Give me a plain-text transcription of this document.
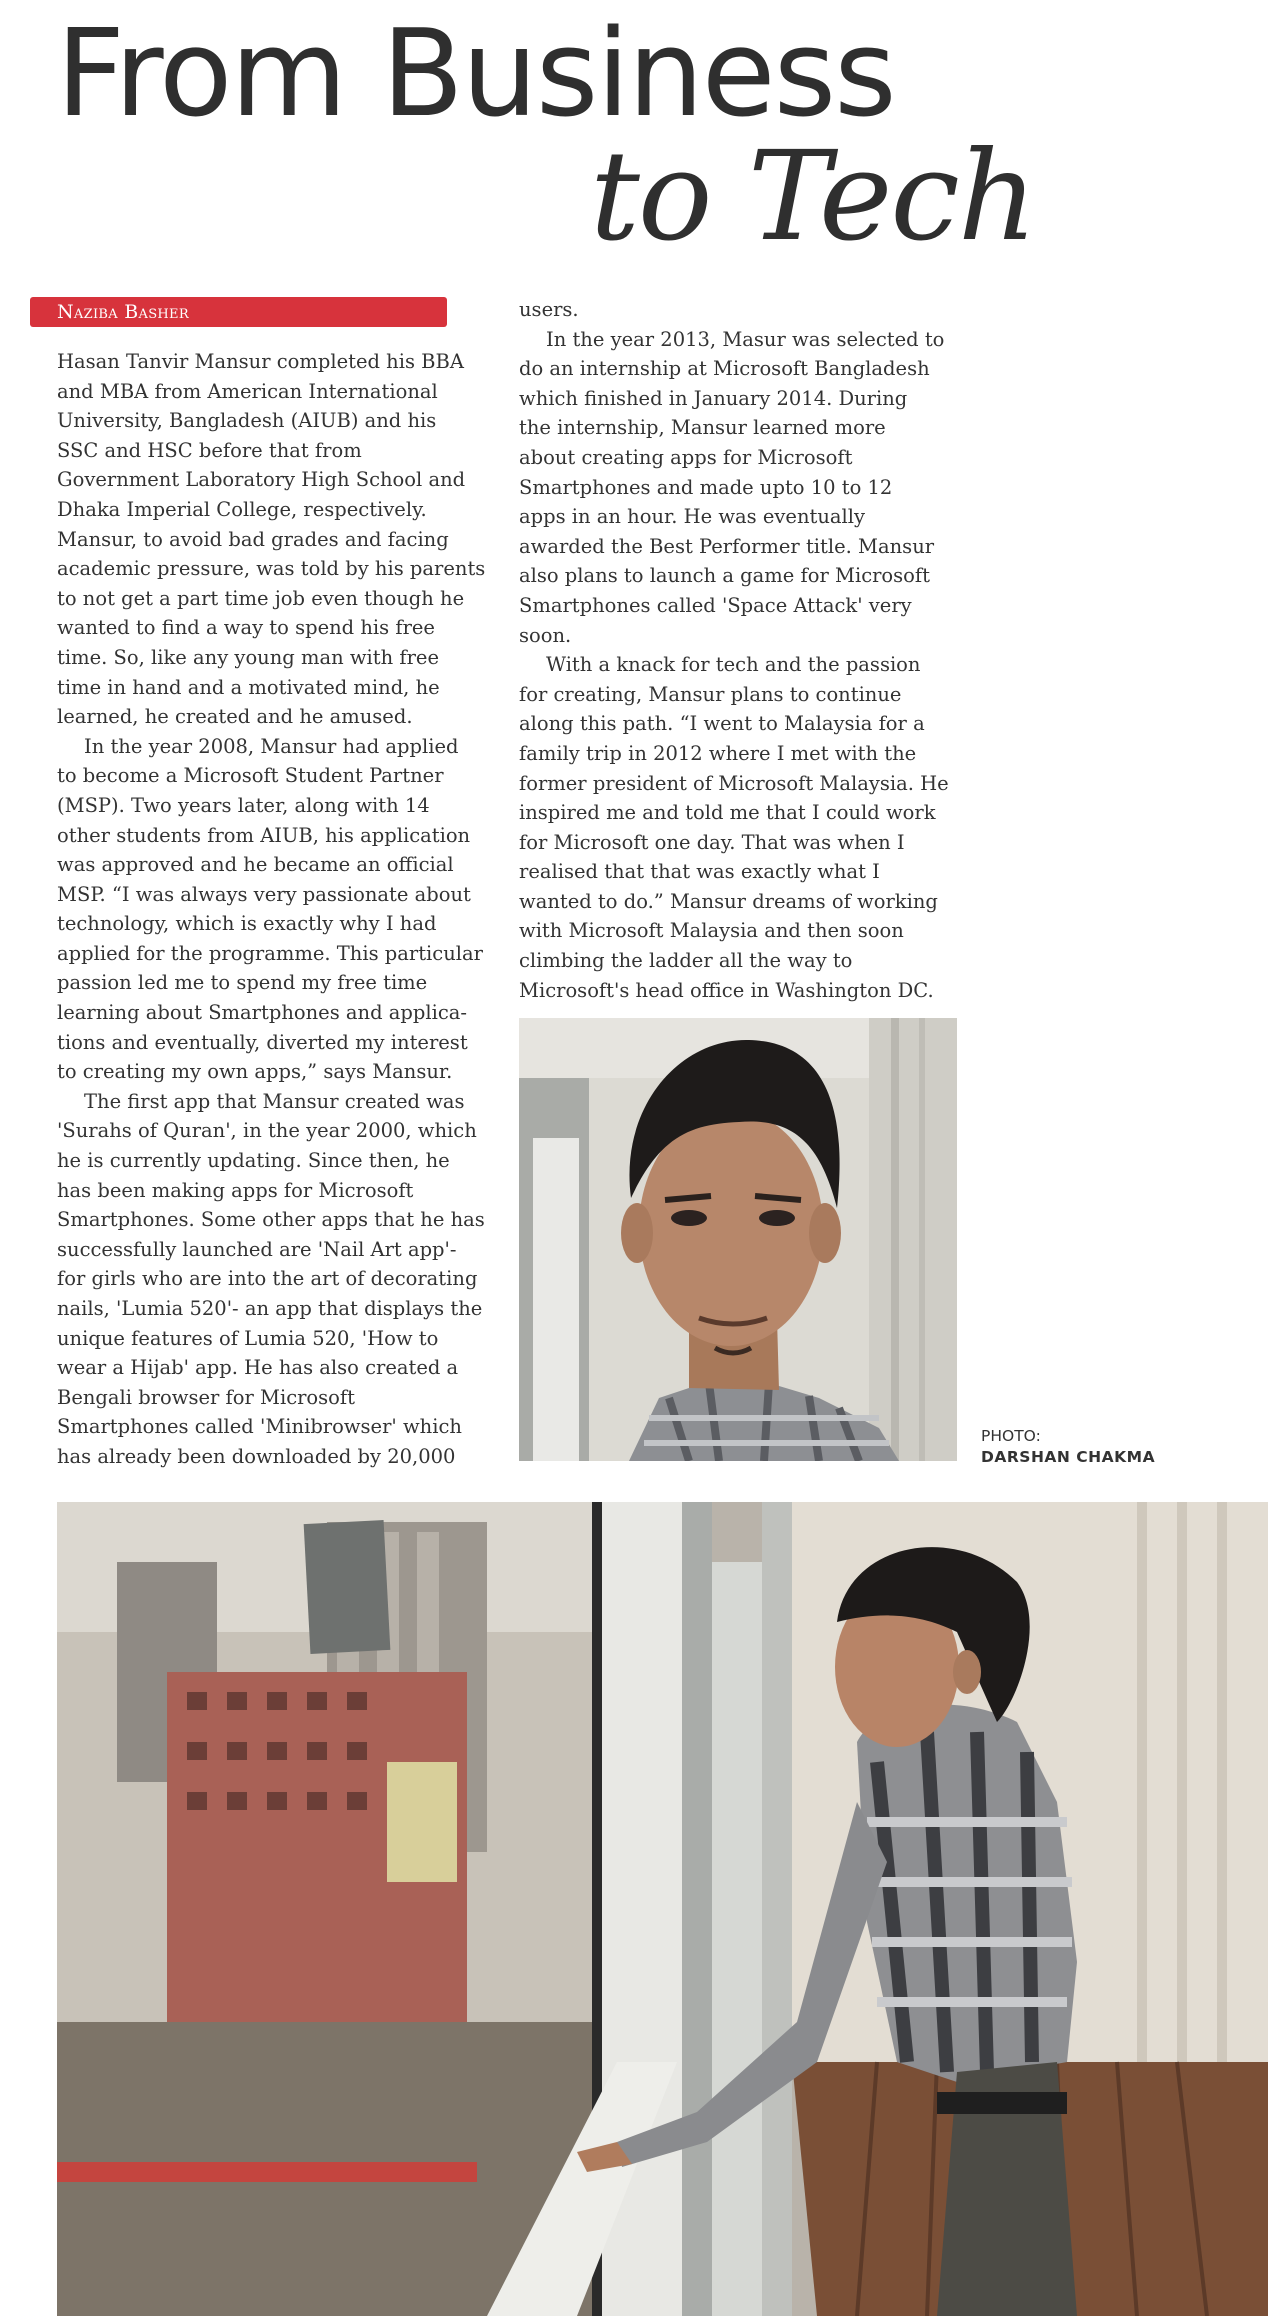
From Business
to Tech
Naziba Basher
Hasan Tanvir Mansur completed his BBA
and MBA from American International
University, Bangladesh (AIUB) and his
SSC and HSC before that from
Government Laboratory High School and
Dhaka Imperial College, respectively.
Mansur, to avoid bad grades and facing
academic pressure, was told by his parents
to not get a part time job even though he
wanted to find a way to spend his free
time. So, like any young man with free
time in hand and a motivated mind, he
learned, he created and he amused.
In the year 2008, Mansur had applied
to become a Microsoft Student Partner
(MSP). Two years later, along with 14
other students from AIUB, his application
was approved and he became an official
MSP. “I was always very passionate about
technology, which is exactly why I had
applied for the programme. This particular
passion led me to spend my free time
learning about Smartphones and applica-
tions and eventually, diverted my interest
to creating my own apps,” says Mansur.
The first app that Mansur created was
'Surahs of Quran', in the year 2000, which
he is currently updating. Since then, he
has been making apps for Microsoft
Smartphones. Some other apps that he has
successfully launched are 'Nail Art app'-
for girls who are into the art of decorating
nails, 'Lumia 520'- an app that displays the
unique features of Lumia 520, 'How to
wear a Hijab' app. He has also created a
Bengali browser for Microsoft
Smartphones called 'Minibrowser' which
has already been downloaded by 20,000
users.
In the year 2013, Masur was selected to
do an internship at Microsoft Bangladesh
which finished in January 2014. During
the internship, Mansur learned more
about creating apps for Microsoft
Smartphones and made upto 10 to 12
apps in an hour. He was eventually
awarded the Best Performer title. Mansur
also plans to launch a game for Microsoft
Smartphones called 'Space Attack' very
soon.
With a knack for tech and the passion
for creating, Mansur plans to continue
along this path. “I went to Malaysia for a
family trip in 2012 where I met with the
former president of Microsoft Malaysia. He
inspired me and told me that I could work
for Microsoft one day. That was when I
realised that that was exactly what I
wanted to do.” Mansur dreams of working
with Microsoft Malaysia and then soon
climbing the ladder all the way to
Microsoft's head office in Washington DC.
PHOTO:
DARSHAN CHAKMA
